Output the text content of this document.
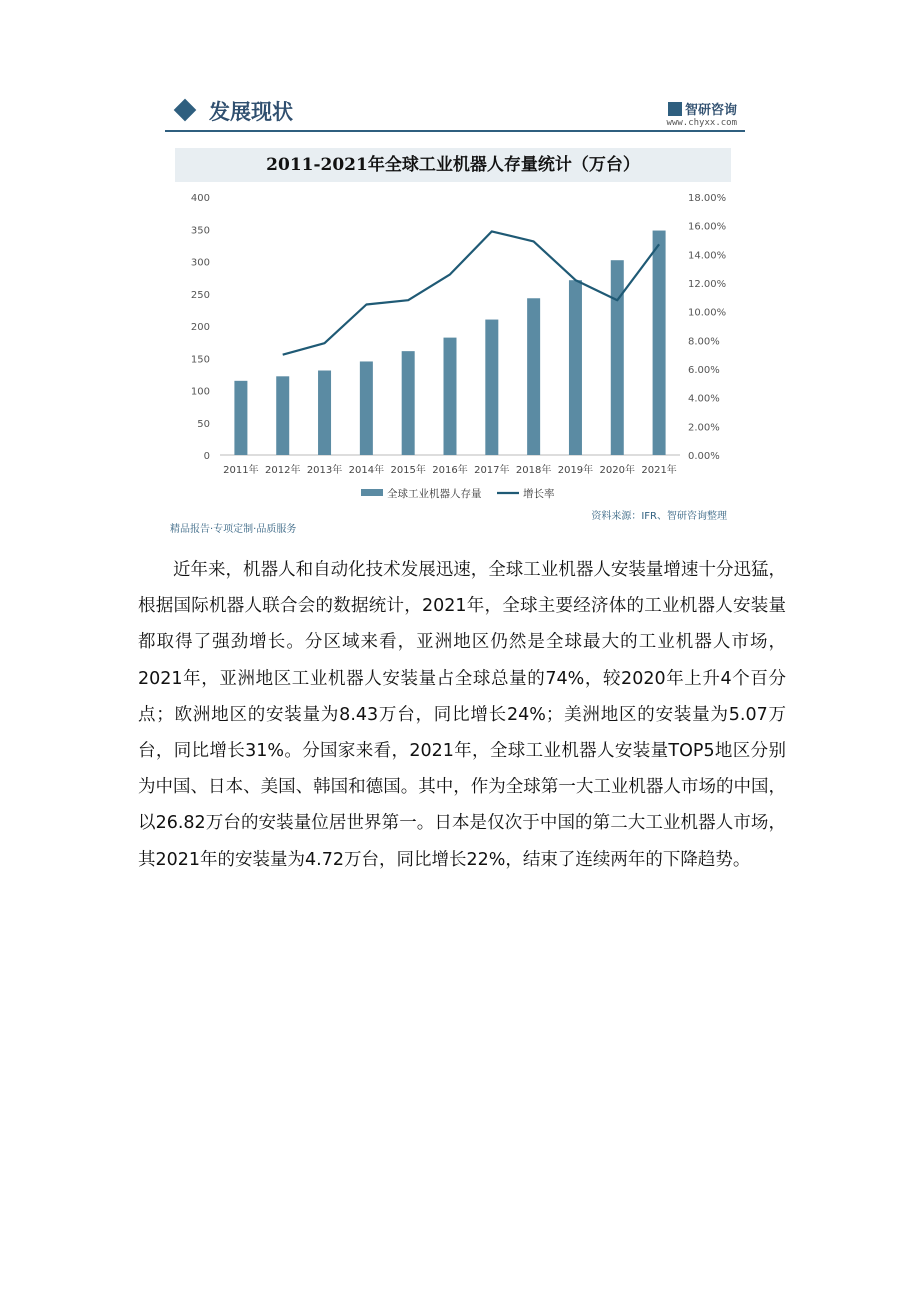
发展现状	智研咨询
www.chyxx.com
2011-2021年全球工业机器人存量统计（万台）
0
50
100
150
200
250
300
350
400
0.00%
2.00%
4.00%
6.00%
8.00%
10.00%
12.00%
14.00%
16.00%
18.00%
2011年 2012年 2013年 2014年 2015年 2016年 2017年 2018年 2019年 2020年 2021年
全球工业机器人存量	增长率
资料来源：IFR、智研咨询整理
精品报告·专项定制·品质服务

近年来，机器人和自动化技术发展迅速，全球工业机器人安装量增速十分迅猛，根据国际机器人联合会的数据统计，2021年，全球主要经济体的工业机器人安装量都取得了强劲增长。分区域来看，亚洲地区仍然是全球最大的工业机器人市场，2021年，亚洲地区工业机器人安装量占全球总量的74%，较2020年上升4个百分点；欧洲地区的安装量为8.43万台，同比增长24%；美洲地区的安装量为5.07万台，同比增长31%。分国家来看，2021年，全球工业机器人安装量TOP5地区分别为中国、日本、美国、韩国和德国。其中，作为全球第一大工业机器人市场的中国，以26.82万台的安装量位居世界第一。日本是仅次于中国的第二大工业机器人市场，其2021年的安装量为4.72万台，同比增长22%，结束了连续两年的下降趋势。
